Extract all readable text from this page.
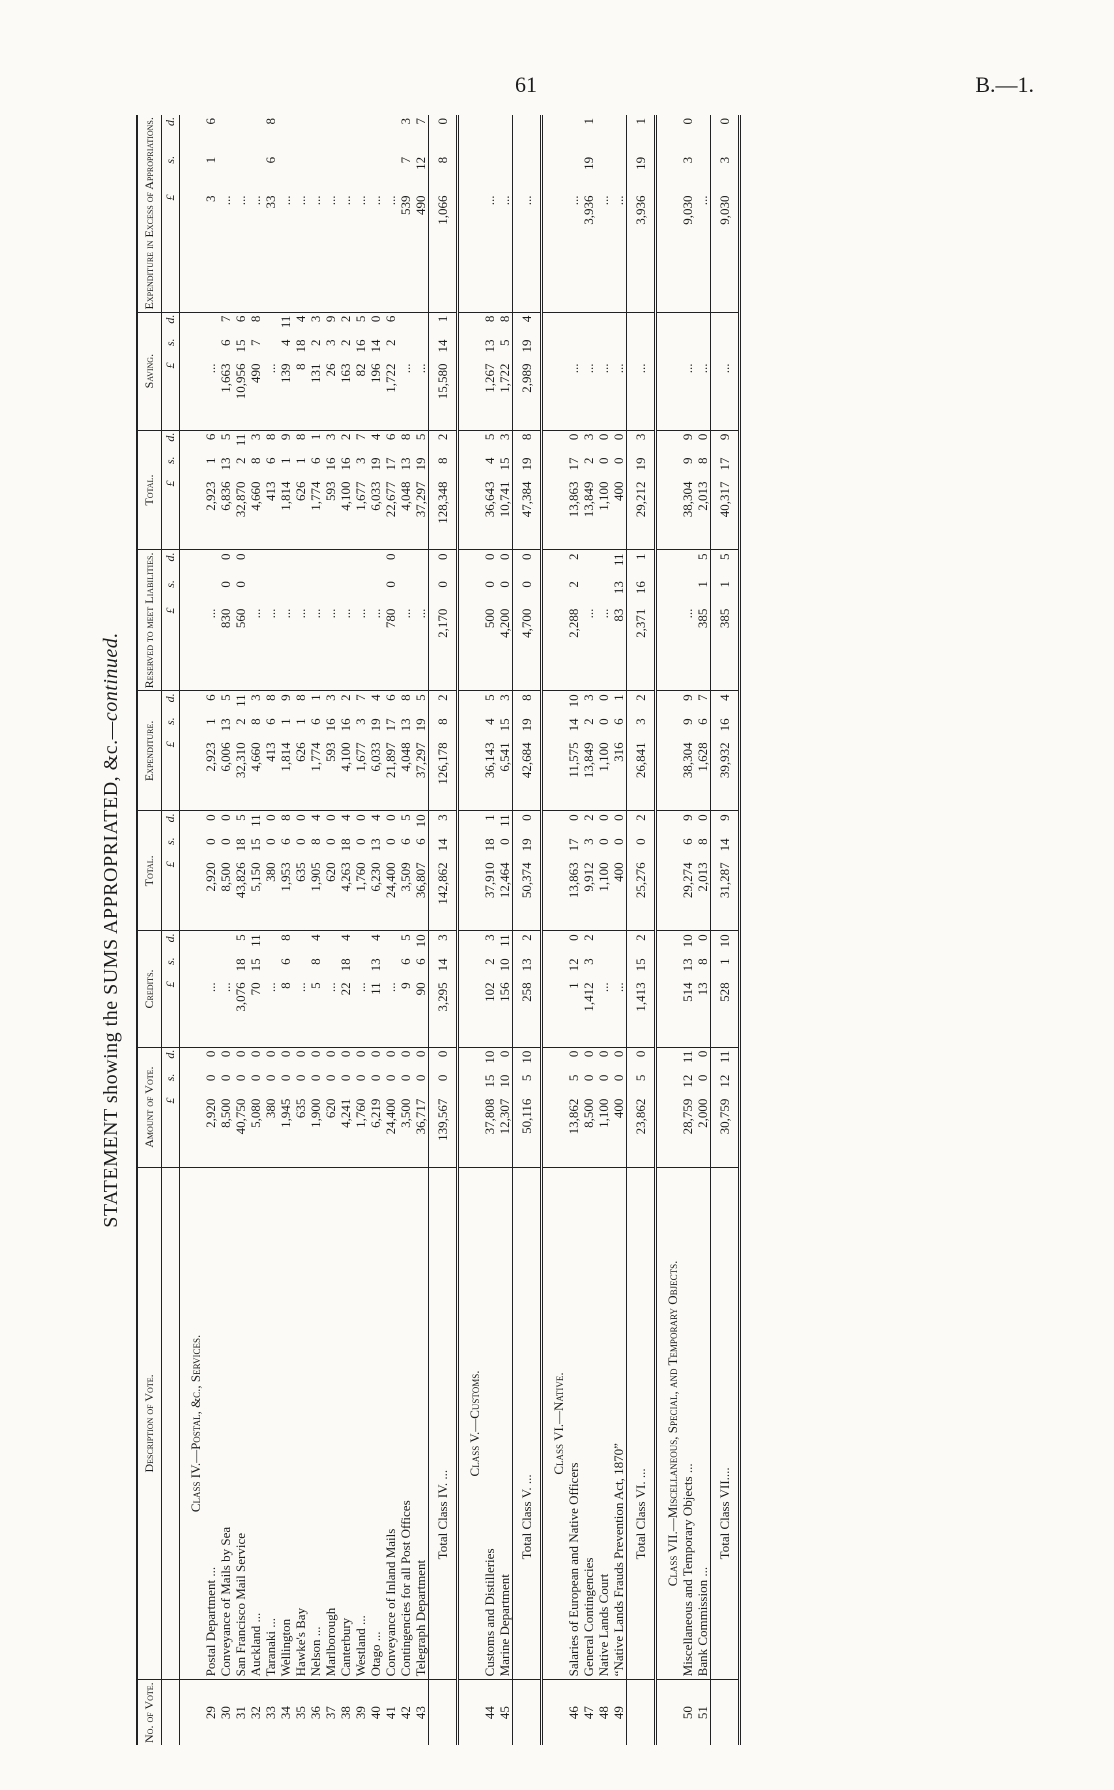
61	B.—1.
STATEMENT showing the SUMS APPROPRIATED, &c.—continued.
No. of Vote.	Description of Vote.	Amount of Vote.			Credits.			Total.			Expenditure.			Reserved to meet Liabilities.			Total.			Saving.			Expenditure in Excess of Appropriations.		
		£	s.	d.	£	s.	d.	£	s.	d.	£	s.	d.	£	s.	d.	£	s.	d.	£	s.	d.	£	s.	d.
	Class IV.—Postal, &c., Services.																								
29	Postal Department ...	2,920	0	0	...			2,920	0	0	2,923	1	6	...			2,923	1	6	...			3	1	6
30	Conveyance of Mails by Sea	8,500	0	0	...			8,500	0	0	6,006	13	5	830	0	0	6,836	13	5	1,663	6	7	...		
31	San Francisco Mail Service	40,750	0	0	3,076	18	5	43,826	18	5	32,310	2	11	560	0	0	32,870	2	11	10,956	15	6	...		
32	Auckland ...	5,080	0	0	70	15	11	5,150	15	11	4,660	8	3	...			4,660	8	3	490	7	8	...		
33	Taranaki ...	380	0	0	...			380	0	0	413	6	8	...			413	6	8	...			33	6	8
34	Wellington	1,945	0	0	8	6	8	1,953	6	8	1,814	1	9	...			1,814	1	9	139	4	11	...		
35	Hawke's Bay	635	0	0	...			635	0	0	626	1	8	...			626	1	8	8	18	4	...		
36	Nelson ...	1,900	0	0	5	8	4	1,905	8	4	1,774	6	1	...			1,774	6	1	131	2	3	...		
37	Marlborough	620	0	0	...			620	0	0	593	16	3	...			593	16	3	26	3	9	...		
38	Canterbury	4,241	0	0	22	18	4	4,263	18	4	4,100	16	2	...			4,100	16	2	163	2	2	...		
39	Westland ...	1,760	0	0	...			1,760	0	0	1,677	3	7	...			1,677	3	7	82	16	5	...		
40	Otago ...	6,219	0	0	11	13	4	6,230	13	4	6,033	19	4	...			6,033	19	4	196	14	0	...		
41	Conveyance of Inland Mails	24,400	0	0	...			24,400	0	0	21,897	17	6	780	0	0	22,677	17	6	1,722	2	6	...		
42	Contingencies for all Post Offices	3,500	0	0	9	6	5	3,509	6	5	4,048	13	8	...			4,048	13	8	...			539	7	3
43	Telegraph Department	36,717	0	0	90	6	10	36,807	6	10	37,297	19	5	...			37,297	19	5	...			490	12	7
	Total Class IV. ...	139,567	0	0	3,295	14	3	142,862	14	3	126,178	8	2	2,170	0	0	128,348	8	2	15,580	14	1	1,066	8	0
	Class V.—Customs.																								
44	Customs and Distilleries	37,808	15	10	102	2	3	37,910	18	1	36,143	4	5	500	0	0	36,643	4	5	1,267	13	8	...		
45	Marine Department	12,307	10	0	156	10	11	12,464	0	11	6,541	15	3	4,200	0	0	10,741	15	3	1,722	5	8	...		
	Total Class V. ...	50,116	5	10	258	13	2	50,374	19	0	42,684	19	8	4,700	0	0	47,384	19	8	2,989	19	4	...		
	Class VI.—Native.																								
46	Salaries of European and Native Officers	13,862	5	0	1	12	0	13,863	17	0	11,575	14	10	2,288	2	2	13,863	17	0	...			...		
47	General Contingencies	8,500	0	0	1,412	3	2	9,912	3	2	13,849	2	3	...			13,849	2	3	...			3,936	19	1
48	Native Lands Court	1,100	0	0	...			1,100	0	0	1,100	0	0	...			1,100	0	0	...			...		
49	“Native Lands Frauds Prevention Act, 1870”	400	0	0	...			400	0	0	316	6	1	83	13	11	400	0	0	...			...		
	Total Class VI. ...	23,862	5	0	1,413	15	2	25,276	0	2	26,841	3	2	2,371	16	1	29,212	19	3	...			3,936	19	1
	Class VII.—Miscellaneous, Special, and Temporary Objects.																								
50	Miscellaneous and Temporary Objects ...	28,759	12	11	514	13	10	29,274	6	9	38,304	9	9	...			38,304	9	9	...			9,030	3	0
51	Bank Commission ...	2,000	0	0	13	8	0	2,013	8	0	1,628	6	7	385	1	5	2,013	8	0	...			...		
	Total Class VII....	30,759	12	11	528	1	10	31,287	14	9	39,932	16	4	385	1	5	40,317	17	9	...			9,030	3	0
